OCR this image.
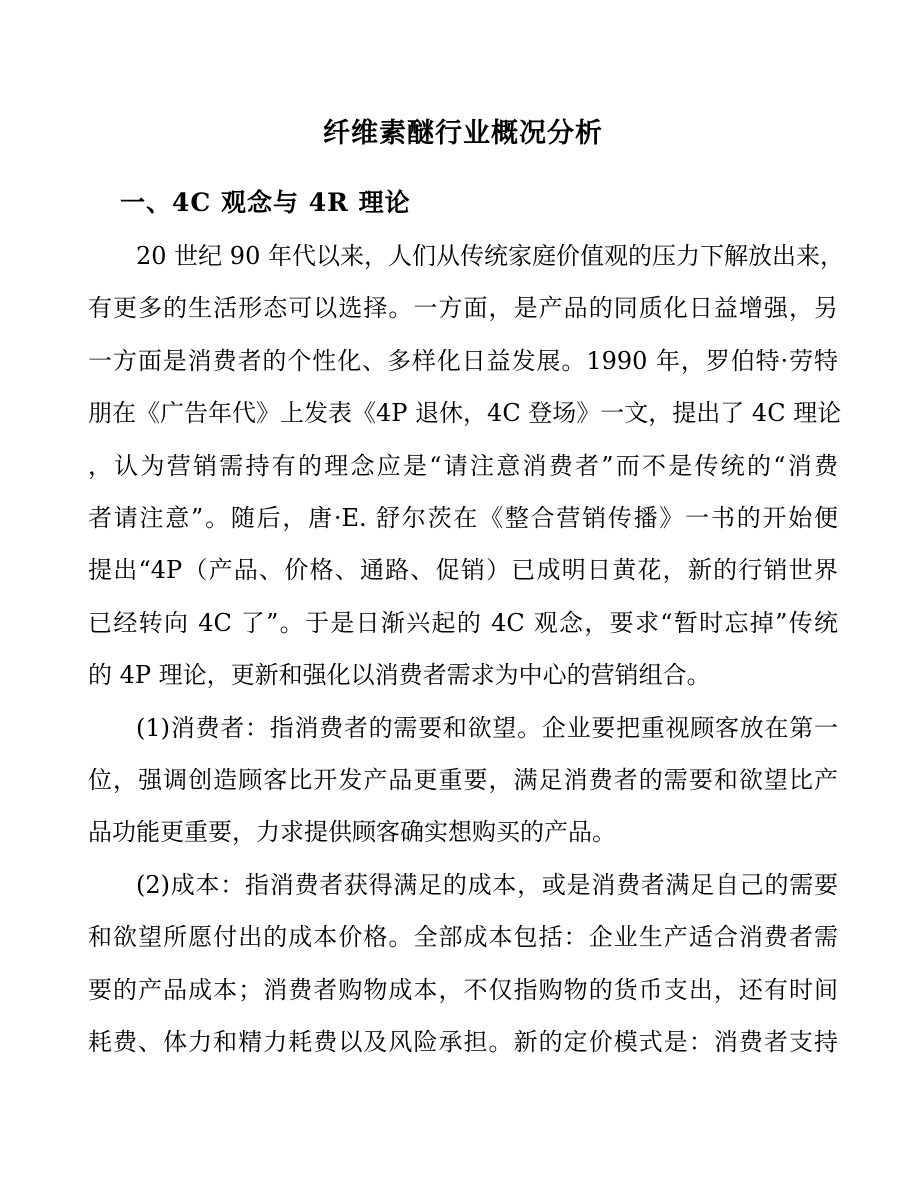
纤维素醚行业概况分析
一、4C 观念与 4R 理论

20 世纪 90 年代以来，人们从传统家庭价值观的压力下解放出来，
有更多的生活形态可以选择。一方面，是产品的同质化日益增强，另
一方面是消费者的个性化、多样化日益发展。1990 年，罗伯特·劳特
朋在《广告年代》上发表《4P 退休，4C 登场》一文，提出了 4C 理论
，认为营销需持有的理念应是“请注意消费者”而不是传统的“消费
者请注意”。随后，唐·E. 舒尔茨在《整合营销传播》一书的开始便
提出“4P（产品、价格、通路、促销）已成明日黄花，新的行销世界
已经转向 4C 了”。于是日渐兴起的 4C 观念，要求“暂时忘掉”传统
的 4P 理论，更新和强化以消费者需求为中心的营销组合。

(1)消费者：指消费者的需要和欲望。企业要把重视顾客放在第一
位，强调创造顾客比开发产品更重要，满足消费者的需要和欲望比产
品功能更重要，力求提供顾客确实想购买的产品。

(2)成本：指消费者获得满足的成本，或是消费者满足自己的需要
和欲望所愿付出的成本价格。全部成本包括：企业生产适合消费者需
要的产品成本；消费者购物成本，不仅指购物的货币支出，还有时间
耗费、体力和精力耗费以及风险承担。新的定价模式是：消费者支持
